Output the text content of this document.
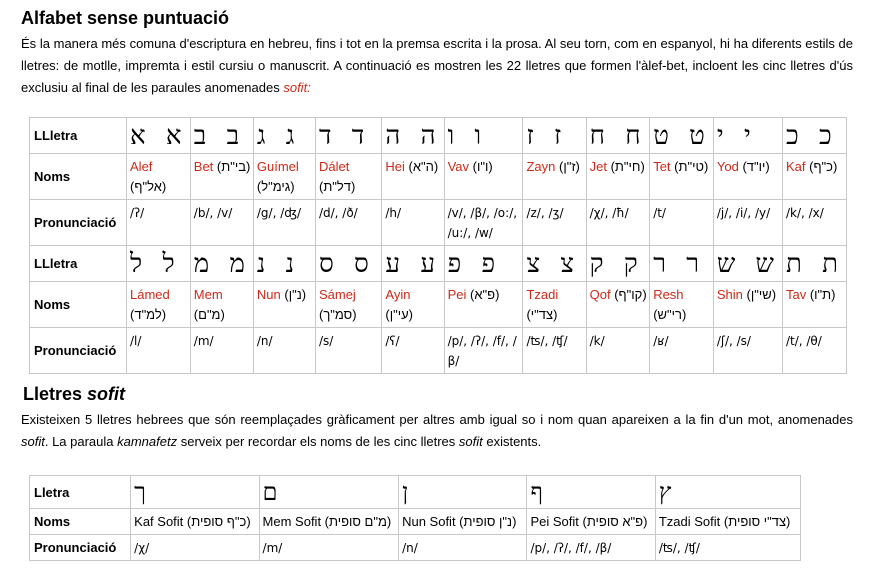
Alfabet sense puntuació

És la manera més comuna d'escriptura en hebreu, fins i tot en la premsa escrita i la prosa. Al seu torn, com en espanyol, hi ha diferents estils de lletres: de motlle, impremta i estil cursiu o manuscrit. A continuació es mostren les 22 lletres que formen l'àlef-bet, incloent les cinc lletres d'ús exclusiu al final de les paraules anomenades sofit:

LLletra	א א	ב ב	ג ג	ד ד	ה ה	ו ו	ז ז	ח ח	ט ט	י י	כ כ
Noms	Alef (אל"ף)	Bet (בי"ת)	Guímel (גימ"ל)	Dálet (דל"ת)	Hei (ה"א)	Vav (ו"ו)	Zayn (ז"ן)	Jet (חי"ת)	Tet (טי"ת)	Yod (יו"ד)	Kaf (כ"ף)
Pronunciació	/ʔ/	/b/, /v/	/g/, /ʤ/	/d/, /ð/	/h/	/v/, /β/, /o:/, /u:/, /w/	/z/, /ʒ/	/χ/, /ħ/	/t/	/j/, /i/, /y/	/k/, /x/
LLletra	ל ל	מ מ	נ נ	ס ס	ע ע	פ פ	צ צ	ק ק	ר ר	ש ש	ת ת
Noms	Lámed (למ"ד)	Mem (מ"ם)	Nun (נ"ן)	Sámej (סמ"ך)	Ayin (עי"ן)	Pei (פ"א)	Tzadi (צד"י)	Qof (קו"ף)	Resh (רי"ש)	Shin (שי"ן)	Tav (ת"ו)
Pronunciació	/l/	/m/	/n/	/s/	/ʕ/	/p/, /ʔ/, /f/, /β/	/ʦ/, /ʧ/	/k/	/ʁ/	/ʃ/, /s/	/t/, /θ/
Lletres sofit

Existeixen 5 lletres hebrees que són reemplaçades gràficament per altres amb igual so i nom quan apareixen a la fin d'un mot, anomenades sofit. La paraula kamnafetz serveix per recordar els noms de les cinc lletres sofit existents.

Lletra	ך	ם	ן	ף	ץ
Noms	Kaf Sofit (כ"ף סופית)	Mem Sofit (מ"ם סופית)	Nun Sofit (נ"ן סופית)	Pei Sofit (פ"א סופית)	Tzadi Sofit (צד"י סופית)
Pronunciació	/χ/	/m/	/n/	/p/, /ʔ/, /f/, /β/	/ʦ/, /ʧ/
